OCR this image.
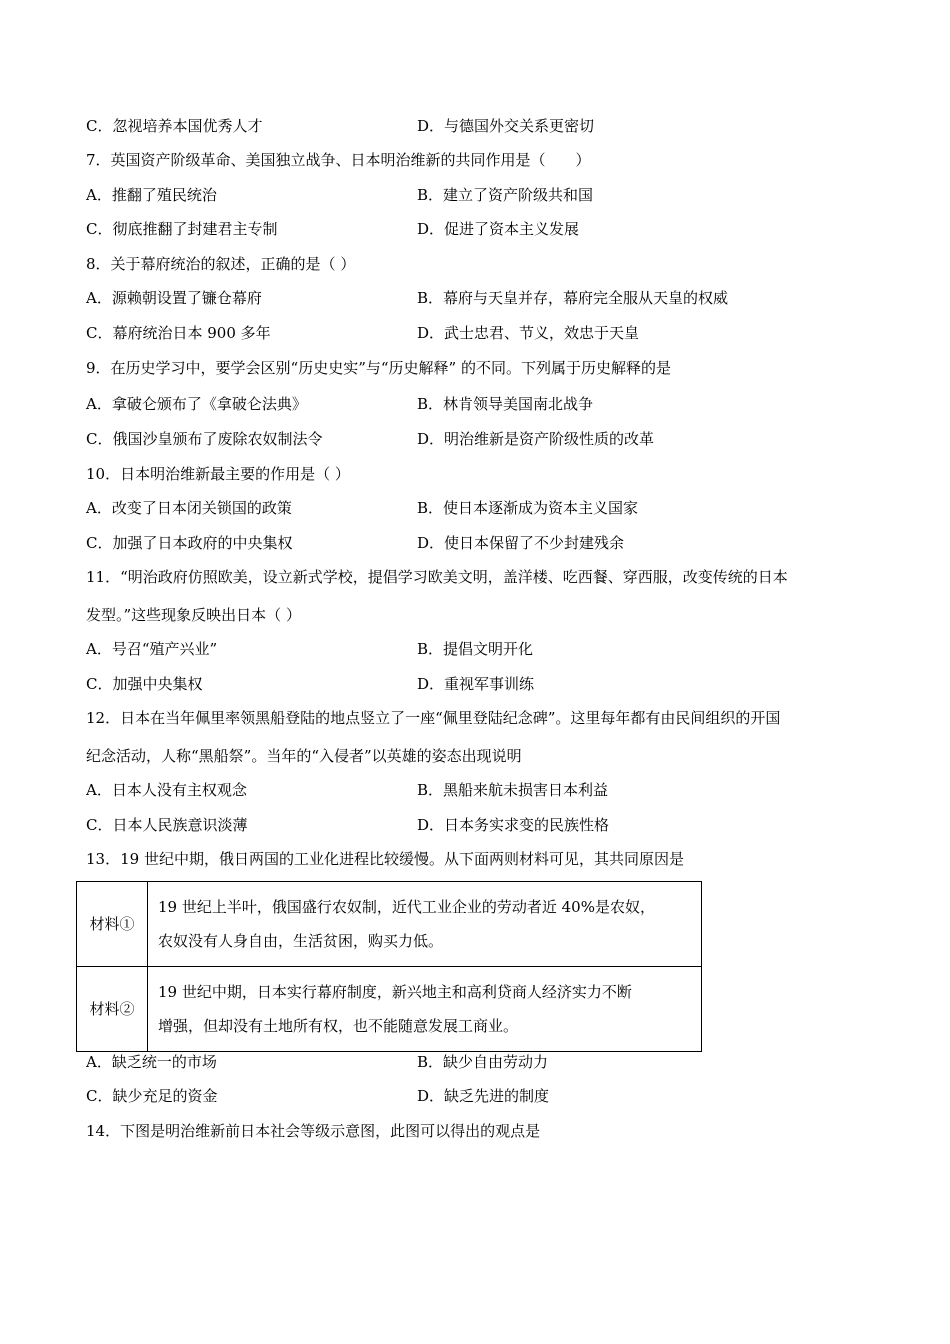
C．忽视培养本国优秀人才	D．与德国外交关系更密切
7．英国资产阶级革命、美国独立战争、日本明治维新的共同作用是（　　）
A．推翻了殖民统治	B．建立了资产阶级共和国
C．彻底推翻了封建君主专制	D．促进了资本主义发展
8．关于幕府统治的叙述，正确的是（ ）
A．源赖朝设置了镰仓幕府	B．幕府与天皇并存，幕府完全服从天皇的权威
C．幕府统治日本 900 多年	D．武士忠君、节义，效忠于天皇
9．在历史学习中，要学会区别“历史史实”与“历史解释” 的不同。下列属于历史解释的是
A．拿破仑颁布了《拿破仑法典》	B．林肯领导美国南北战争
C．俄国沙皇颁布了废除农奴制法令	D．明治维新是资产阶级性质的改革
10．日本明治维新最主要的作用是（ ）
A．改变了日本闭关锁国的政策	B．使日本逐渐成为资本主义国家
C．加强了日本政府的中央集权	D．使日本保留了不少封建残余
11．“明治政府仿照欧美，设立新式学校，提倡学习欧美文明，盖洋楼、吃西餐、穿西服，改变传统的日本
发型。”这些现象反映出日本（ ）
A．号召“殖产兴业”	B．提倡文明开化
C．加强中央集权	D．重视军事训练
12．日本在当年佩里率领黑船登陆的地点竖立了一座“佩里登陆纪念碑”。这里每年都有由民间组织的开国
纪念活动，人称“黑船祭”。当年的“入侵者”以英雄的姿态出现说明
A．日本人没有主权观念	B．黑船来航未损害日本利益
C．日本人民族意识淡薄	D．日本务实求变的民族性格
13．19 世纪中期，俄日两国的工业化进程比较缓慢。从下面两则材料可见，其共同原因是
材料①	19 世纪上半叶，俄国盛行农奴制，近代工业企业的劳动者近 40%是农奴，
农奴没有人身自由，生活贫困，购买力低。

材料②	19 世纪中期，日本实行幕府制度，新兴地主和高利贷商人经济实力不断
增强，但却没有土地所有权，也不能随意发展工商业。
A．缺乏统一的市场	B．缺少自由劳动力
C．缺少充足的资金	D．缺乏先进的制度
14．下图是明治维新前日本社会等级示意图，此图可以得出的观点是
